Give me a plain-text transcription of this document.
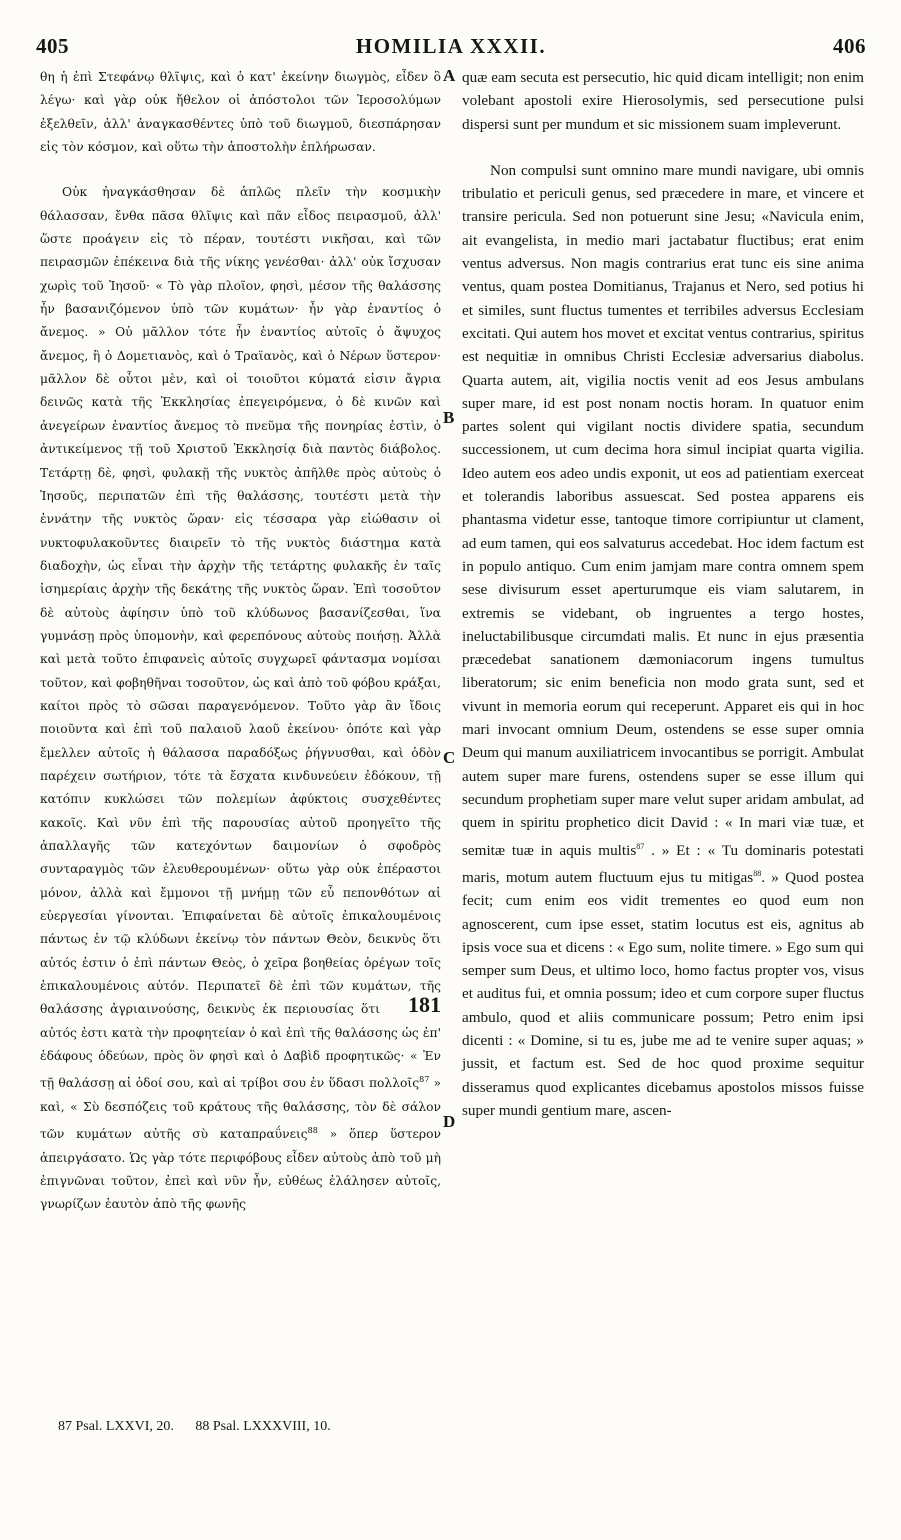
405	HOMILIA XXXII.	406

θη ἡ ἐπὶ Στεφάνῳ θλῖψις, καὶ ὁ κατ' ἐκείνην διωγμὸς, εἶδεν ὃ λέγω· καὶ γὰρ οὐκ ἤθελον οἱ ἀπόστολοι τῶν Ἱεροσολύμων ἐξελθεῖν, ἀλλ' ἀναγκασθέντες ὑπὸ τοῦ διωγμοῦ, διεσπάρησαν εἰς τὸν κόσμον, καὶ οὕτω τὴν ἀποστολὴν ἐπλήρωσαν.

Οὐκ ἠναγκάσθησαν δὲ ἁπλῶς πλεῖν τὴν κοσμικὴν θάλασσαν, ἔνθα πᾶσα θλῖψις καὶ πᾶν εἶδος πειρασμοῦ, ἀλλ' ὥστε προάγειν εἰς τὸ πέραν, τουτέστι νικῆσαι, καὶ τῶν πειρασμῶν ἐπέκεινα διὰ τῆς νίκης γενέσθαι· ἀλλ' οὐκ ἴσχυσαν χωρὶς τοῦ Ἰησοῦ· « Τὸ γὰρ πλοῖον, φησὶ, μέσον τῆς θαλάσσης ἦν βασανιζόμενον ὑπὸ τῶν κυμάτων· ἦν γὰρ ἐναντίος ὁ ἄνεμος. » Οὐ μᾶλλον τότε ἦν ἐναντίος αὐτοῖς ὁ ἄψυχος ἄνεμος, ἢ ὁ Δομετιανὸς, καὶ ὁ Τραϊανὸς, καὶ ὁ Νέρων ὕστερον· μᾶλλον δὲ οὗτοι μὲν, καὶ οἱ τοιοῦτοι κύματά εἰσιν ἄγρια δεινῶς κατὰ τῆς Ἐκκλησίας ἐπεγειρόμενα, ὁ δὲ κινῶν καὶ ἀνεγείρων ἐναντίος ἄνεμος τὸ πνεῦμα τῆς πονηρίας ἐστὶν, ὁ ἀντικείμενος τῇ τοῦ Χριστοῦ Ἐκκλησίᾳ διὰ παντὸς διάβολος. Τετάρτῃ δὲ, φησὶ, φυλακῇ τῆς νυκτὸς ἀπῆλθε πρὸς αὐτοὺς ὁ Ἰησοῦς, περιπατῶν ἐπὶ τῆς θαλάσσης, τουτέστι μετὰ τὴν ἐννάτην τῆς νυκτὸς ὥραν· εἰς τέσσαρα γὰρ εἰώθασιν οἱ νυκτοφυλακοῦντες διαιρεῖν τὸ τῆς νυκτὸς διάστημα κατὰ διαδοχὴν, ὡς εἶναι τὴν ἀρχὴν τῆς τετάρτης φυλακῆς ἐν ταῖς ἰσημερίαις ἀρχὴν τῆς δεκάτης τῆς νυκτὸς ὥραν. Ἐπὶ τοσοῦτον δὲ αὐτοὺς ἀφίησιν ὑπὸ τοῦ κλύδωνος βασανίζεσθαι, ἵνα γυμνάσῃ πρὸς ὑπομονὴν, καὶ φερεπόνους αὐτοὺς ποιήσῃ. Ἀλλὰ καὶ μετὰ τοῦτο ἐπιφανεὶς αὐτοῖς συγχωρεῖ φάντασμα νομίσαι τοῦτον, καὶ φοβηθῆναι τοσοῦτον, ὡς καὶ ἀπὸ τοῦ φόβου κράξαι, καίτοι πρὸς τὸ σῶσαι παραγενόμενον. Τοῦτο γὰρ ἂν ἴδοις ποιοῦντα καὶ ἐπὶ τοῦ παλαιοῦ λαοῦ ἐκείνου· ὁπότε καὶ γὰρ ἔμελλεν αὐτοῖς ἡ θάλασσα παραδόξως ῥήγνυσθαι, καὶ ὁδὸν παρέχειν σωτήριον, τότε τὰ ἔσχατα κινδυνεύειν ἐδόκουν, τῇ κατόπιν κυκλώσει τῶν πολεμίων ἀφύκτοις συσχεθέντες κακοῖς. Καὶ νῦν ἐπὶ τῆς παρουσίας αὐτοῦ προηγεῖτο τῆς ἀπαλλαγῆς τῶν κατεχόντων δαιμονίων ὁ σφοδρὸς συνταραγμὸς τῶν ἐλευθερουμένων· οὕτω γὰρ οὐκ ἐπέραστοι μόνον, ἀλλὰ καὶ ἔμμονοι τῇ μνήμῃ τῶν εὖ πεπονθότων αἱ εὐεργεσίαι γίνονται. Ἐπιφαίνεται δὲ αὐτοῖς ἐπικαλουμένοις πάντως ἐν τῷ κλύδωνι ἐκείνῳ τὸν πάντων Θεὸν, δεικνὺς ὅτι αὐτός ἐστιν ὁ ἐπὶ πάντων Θεὸς, ὁ χεῖρα βοηθείας ὀρέγων τοῖς ἐπικαλουμένοις αὐτόν. Περιπατεῖ δὲ ἐπὶ τῶν κυμάτων, τῆς θαλάσσης	181
ἀγριαινούσης, δεικνὺς ἐκ περιουσίας ὅτι αὐτός ἐστι κατὰ τὴν προφητείαν ὁ καὶ ἐπὶ τῆς θαλάσσης ὡς ἐπ' ἐδάφους ὁδεύων, πρὸς ὃν φησὶ καὶ ὁ Δαβὶδ προφητικῶς· « Ἐν τῇ θαλάσσῃ αἱ ὁδοί σου, καὶ αἱ τρίβοι σου ἐν ὕδασι πολλοῖς$^{87}$ » καὶ, « Σὺ δεσπόζεις τοῦ κράτους τῆς θαλάσσης, τὸν δὲ σάλον τῶν κυμάτων αὐτῆς σὺ καταπραΰνεις$^{88}$ » ὅπερ ὕστερον ἀπειργάσατο. Ὡς γὰρ τότε περιφόβους εἶδεν αὐτοὺς ἀπὸ τοῦ μὴ ἐπιγνῶναι τοῦτον, ἐπεὶ καὶ νῦν ἦν, εὐθέως ἐλάλησεν αὐτοῖς, γνωρίζων ἑαυτὸν ἀπὸ τῆς φωνῆς

A
B
C
D

quæ eam secuta est persecutio, hic quid dicam intelligit; non enim volebant apostoli exire Hierosolymis, sed persecutione pulsi dispersi sunt per mundum et sic missionem suam impleverunt.

Non compulsi sunt omnino mare mundi navigare, ubi omnis tribulatio et periculi genus, sed præcedere in mare, et vincere et transire pericula. Sed non potuerunt sine Jesu; «Navicula enim, ait evangelista, in medio mari jactabatur fluctibus; erat enim ventus adversus. Non magis contrarius erat tunc eis sine anima ventus, quam postea Domitianus, Trajanus et Nero, sed potius hi et similes, sunt fluctus tumentes et terribiles adversus Ecclesiam excitati. Qui autem hos movet et excitat ventus contrarius, spiritus est nequitiæ in omnibus Christi Ecclesiæ adversarius diabolus. Quarta autem, ait, vigilia noctis venit ad eos Jesus ambulans super mare, id est post nonam noctis horam. In quatuor enim partes solent qui vigilant noctis dividere spatia, secundum successionem, ut cum decima hora simul incipiat quarta vigilia. Ideo autem eos adeo undis exponit, ut eos ad patientiam exerceat et tolerandis laboribus assuescat. Sed postea apparens eis phantasma videtur esse, tantoque timore corripiuntur ut clament, ad eum tamen, qui eos salvaturus accedebat. Hoc idem factum est in populo antiquo. Cum enim jamjam mare contra omnem spem sese divisurum esset aperturumque eis viam salutarem, in extremis se videbant, ob ingruentes a tergo hostes, ineluctabilibusque circumdati malis. Et nunc in ejus præsentia præcedebat sanationem dæmoniacorum ingens tumultus liberatorum; sic enim beneficia non modo grata sunt, sed et vivunt in memoria eorum qui receperunt. Apparet eis qui in hoc mari invocant omnium Deum, ostendens se esse super omnia Deum qui manum auxiliatricem invocantibus se porrigit. Ambulat autem super mare furens, ostendens super se esse illum qui secundum prophetiam super mare velut super aridam ambulat, ad quem in spiritu prophetico dicit David : « In mari viæ tuæ, et semitæ tuæ in aquis multis$^{87}$ . » Et : « Tu dominaris potestati maris, motum autem fluctuum ejus tu mitigas$^{88}$. » Quod postea fecit; cum enim eos vidit trementes eo quod eum non agnoscerent, cum ipse esset, statim locutus est eis, agnitus ab ipsis voce sua et dicens : « Ego sum, nolite timere. » Ego sum qui semper sum Deus, et ultimo loco, homo factus propter vos, visus et auditus fui, et omnia possum; ideo et cum corpore super fluctus ambulo, quod et aliis communicare possum; Petro enim ipsi dicenti : « Domine, si tu es, jube me ad te venire super aquas; » jussit, et factum est. Sed de hoc quod proxime sequitur disseramus quod explicantes dicebamus apostolos missos fuisse super mundi gentium mare, ascen-

87 Psal. LXXVI, 20. 88 Psal. LXXXVIII, 10.
